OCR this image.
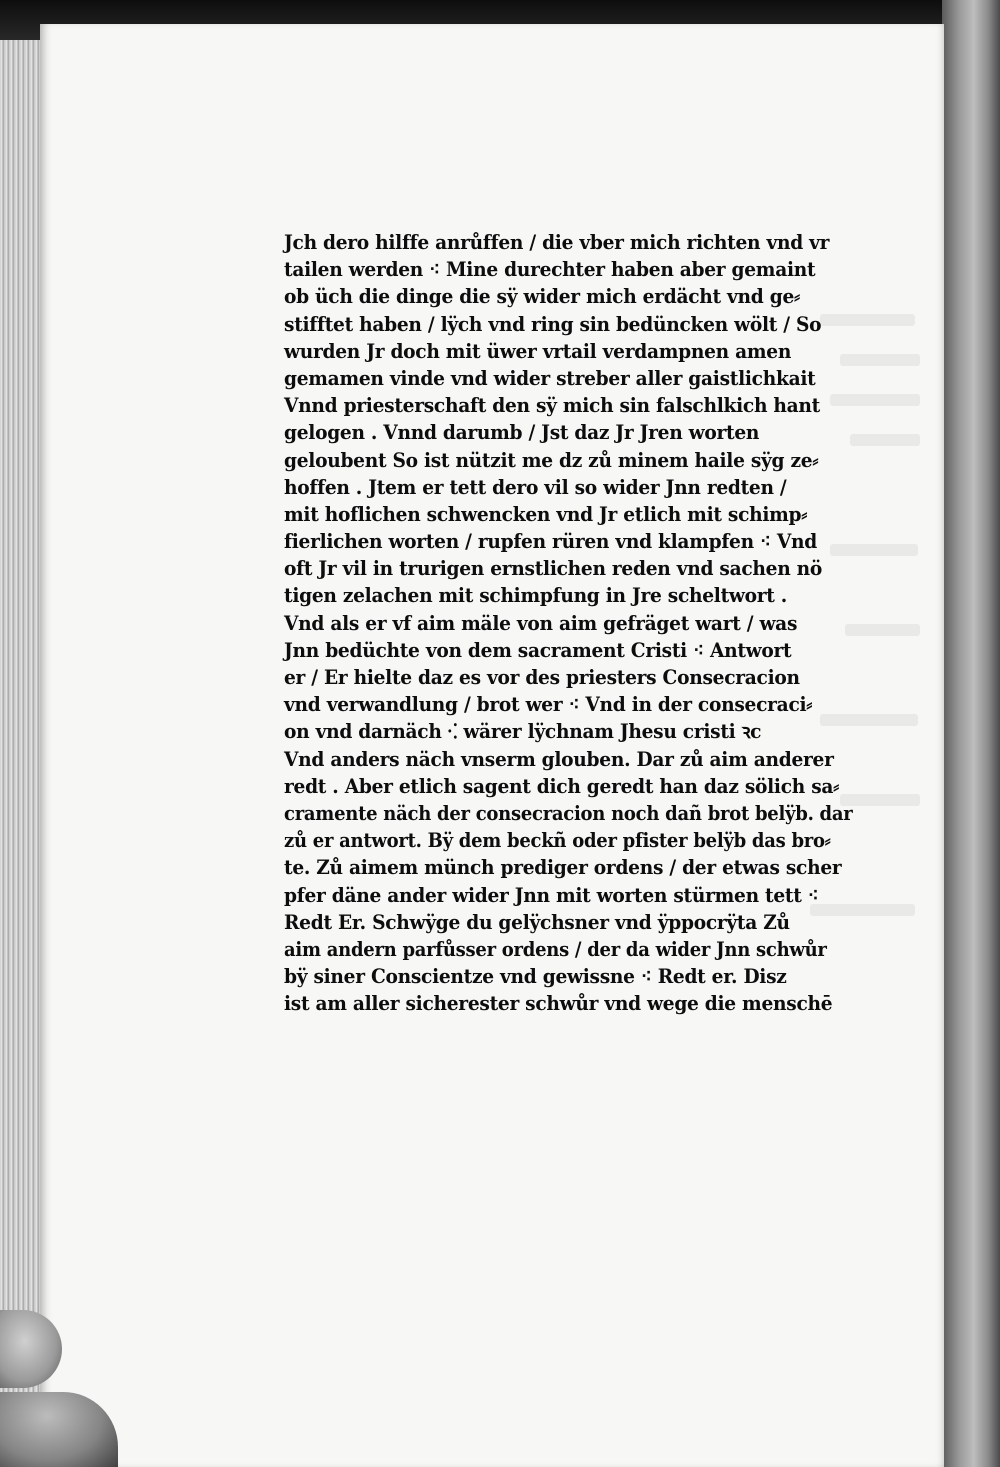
Jch dero hilffe anrůffen / die vber mich richten vnd vr
tailen werden ⁖ Mine durechter haben aber gemaint
ob üch die dinge die sÿ wider mich erdächt vnd ge⸗
stifftet haben / lÿch vnd ring sin bedüncken wölt / So
wurden Jr doch mit üwer vrtail verdampnen amen
gemamen vinde vnd wider streber aller gaistlichkait
Vnnd priesterschaft den sÿ mich sin falschlkich hant
gelogen . Vnnd darumb / Jst daz Jr Jren worten
geloubent So ist nützit me dz zů minem haile sÿg ze⸗
hoffen . Jtem er tett dero vil so wider Jnn redten /
mit hoflichen schwencken vnd Jr etlich mit schimp⸗
fierlichen worten / rupfen rüren vnd klampfen ⁖ Vnd
oft Jr vil in trurigen ernstlichen reden vnd sachen nö
tigen zelachen mit schimpfung in Jre scheltwort .
Vnd als er vf aim mäle von aim gefräget wart / was
Jnn bedüchte von dem sacrament Cristi ⁖ Antwort
er / Er hielte daz es vor des priesters Consecracion
vnd verwandlung / brot wer ⁖ Vnd in der consecraci⸗
on vnd darnäch ⁖ wärer lÿchnam Jhesu cristi ꝛc
Vnd anders näch vnserm glouben. Dar zů aim anderer
redt . Aber etlich sagent dich geredt han daz sölich sa⸗
cramente näch der consecracion noch dañ brot belÿb. dar
zů er antwort. Bÿ dem beckñ oder pfister belÿb das bro⸗
te. Zů aimem münch prediger ordens / der etwas scher
pfer däne ander wider Jnn mit worten stürmen tett ⁖
Redt Er. Schwÿge du gelÿchsner vnd ÿppocrÿta Zů
aim andern parfůsser ordens / der da wider Jnn schwůr
bÿ siner Conscientze vnd gewissne ⁖ Redt er. Disz
ist am aller sicherester schwůr vnd wege die menschē
